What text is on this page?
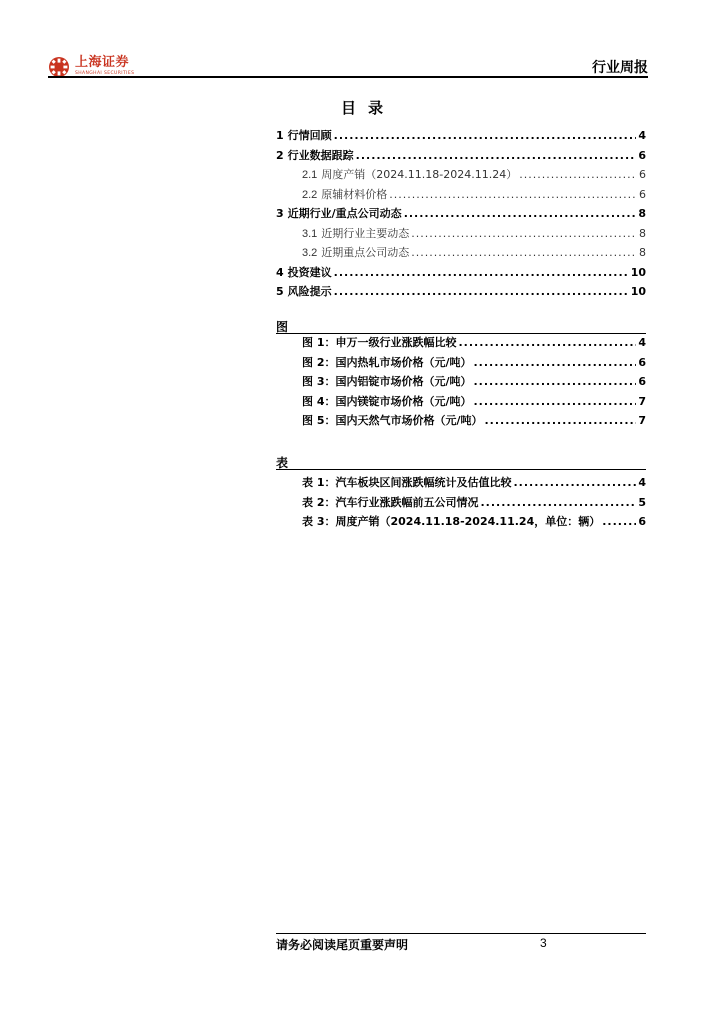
上海证券
SHANGHAI SECURITIES	行业周报
目录
1 行情回顾 .....	4
2 行业数据跟踪 .....	6
2.1 周度产销（2024.11.18-2024.11.24） .....	6
2.2 原辅材料价格 .....	6
3 近期行业/重点公司动态 .....	8
3.1 近期行业主要动态 .....	8
3.2 近期重点公司动态 .....	8
4 投资建议 .....	10
5 风险提示 .....	10
图
图 1：申万一级行业涨跌幅比较 .....	4
图 2：国内热轧市场价格（元/吨） .....	6
图 3：国内铝锭市场价格（元/吨） .....	6
图 4：国内镁锭市场价格（元/吨） .....	7
图 5：国内天然气市场价格（元/吨） .....	7
表
表 1：汽车板块区间涨跌幅统计及估值比较 .....	4
表 2：汽车行业涨跌幅前五公司情况 .....	5
表 3：周度产销（2024.11.18-2024.11.24，单位：辆） .....	6
请务必阅读尾页重要声明	3
